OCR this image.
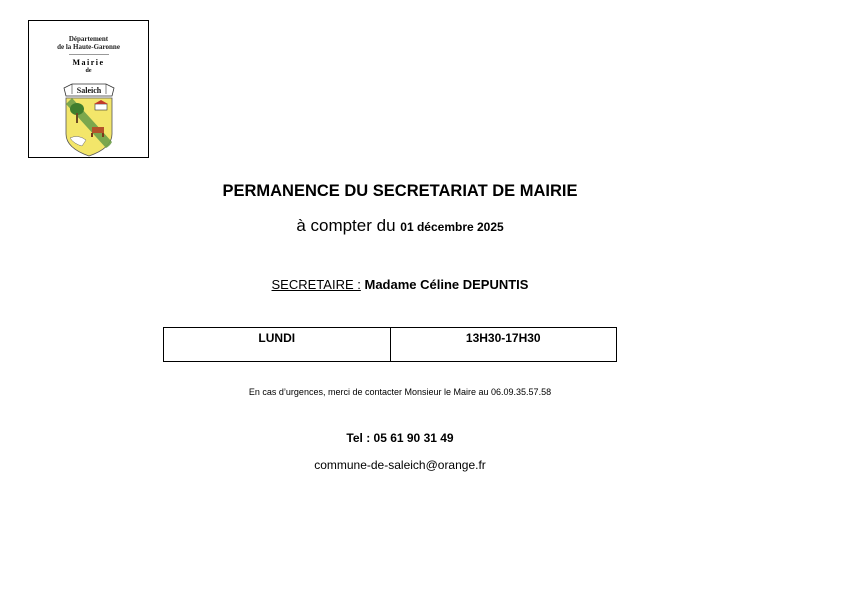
Département
de la Haute-Garonne
Mairie
de
Saleich
PERMANENCE DU SECRETARIAT DE MAIRIE
à compter du 01 décembre 2025
SECRETAIRE : Madame Céline DEPUNTIS
LUNDI	13H30-17H30
En cas d’urgences, merci de contacter Monsieur le Maire au 06.09.35.57.58
Tel : 05 61 90 31 49
commune-de-saleich@orange.fr
